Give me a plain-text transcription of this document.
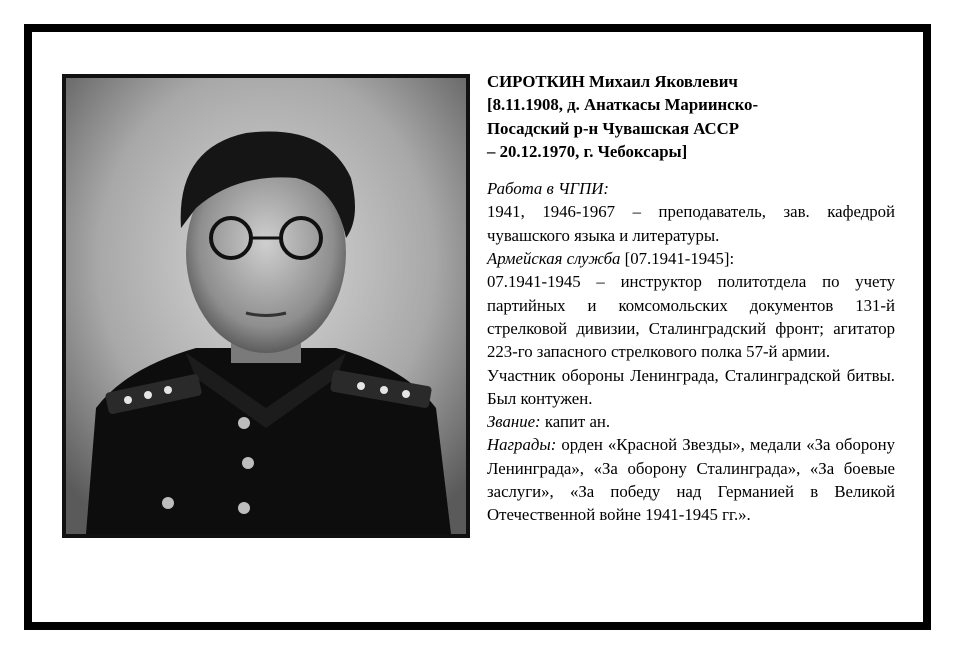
СИРОТКИН Михаил Яковлевич

[8.11.1908, д. Анаткасы Мариинско-

Посадский р-н Чувашская АССР

– 20.12.1970, г. Чебоксары]

Работа в ЧГПИ:

1941, 1946-1967 – преподаватель, зав. кафедрой чувашского языка и литературы.

Армейская служба [07.1941-1945]:

07.1941-1945 – инструктор политотдела по учету партийных и комсомольских документов 131-й стрелковой дивизии, Сталинградский фронт; агитатор 223-го запасного стрелкового полка 57-й армии.

Участник обороны Ленинграда, Сталинградской битвы. Был контужен.

Звание: капит ан.

Награды: орден «Красной Звезды», медали «За оборону Ленинграда», «За оборону Сталинграда», «За боевые заслуги», «За победу над Германией в Великой Отечественной войне 1941-1945 гг.».
